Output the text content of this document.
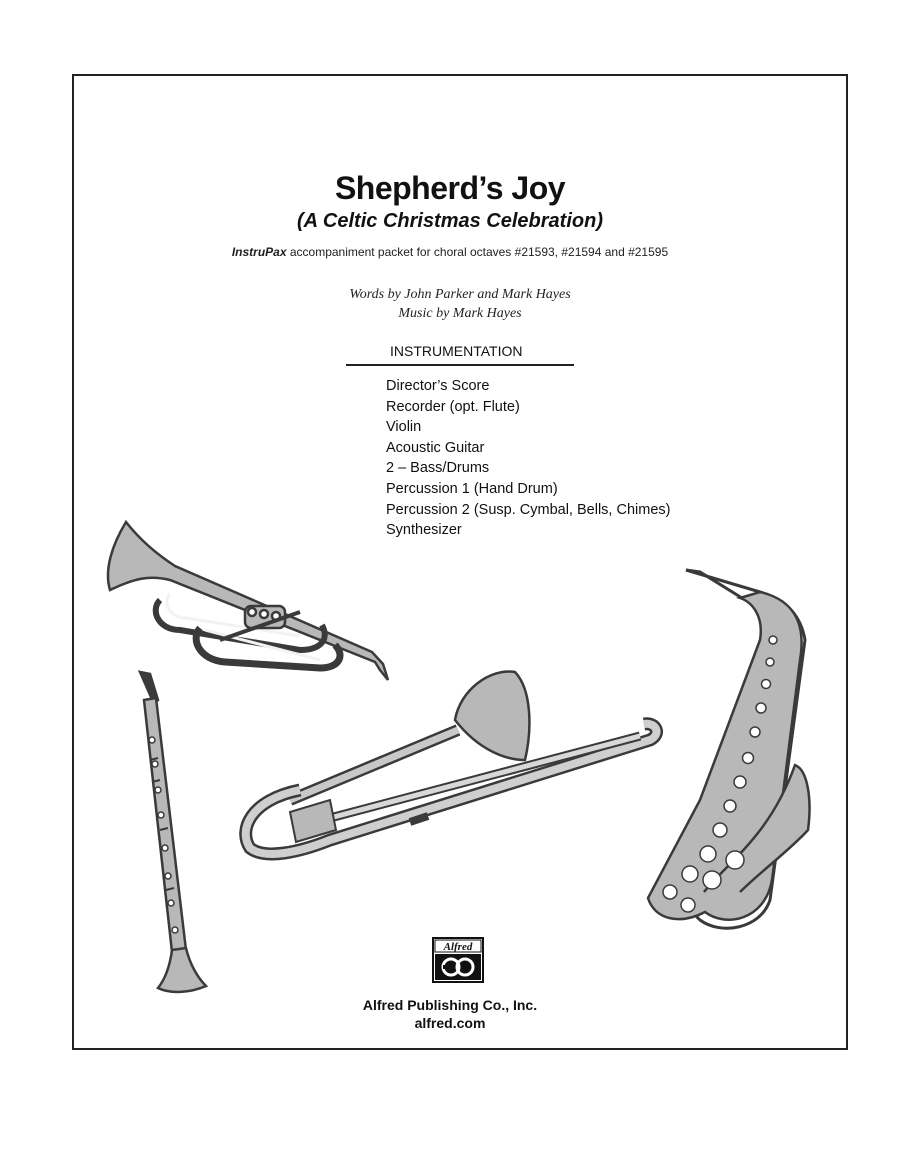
Shepherd’s Joy
(A Celtic Christmas Celebration)
InstruPax accompaniment packet for choral octaves #21593, #21594 and #21595
Words by John Parker and Mark Hayes
Music by Mark Hayes
INSTRUMENTATION
Director’s Score
Recorder (opt. Flute)
Violin
Acoustic Guitar
2 – Bass/Drums
Percussion 1 (Hand Drum)
Percussion 2 (Susp. Cymbal, Bells, Chimes)
Synthesizer
Alfred
Alfred Publishing Co., Inc.
alfred.com
